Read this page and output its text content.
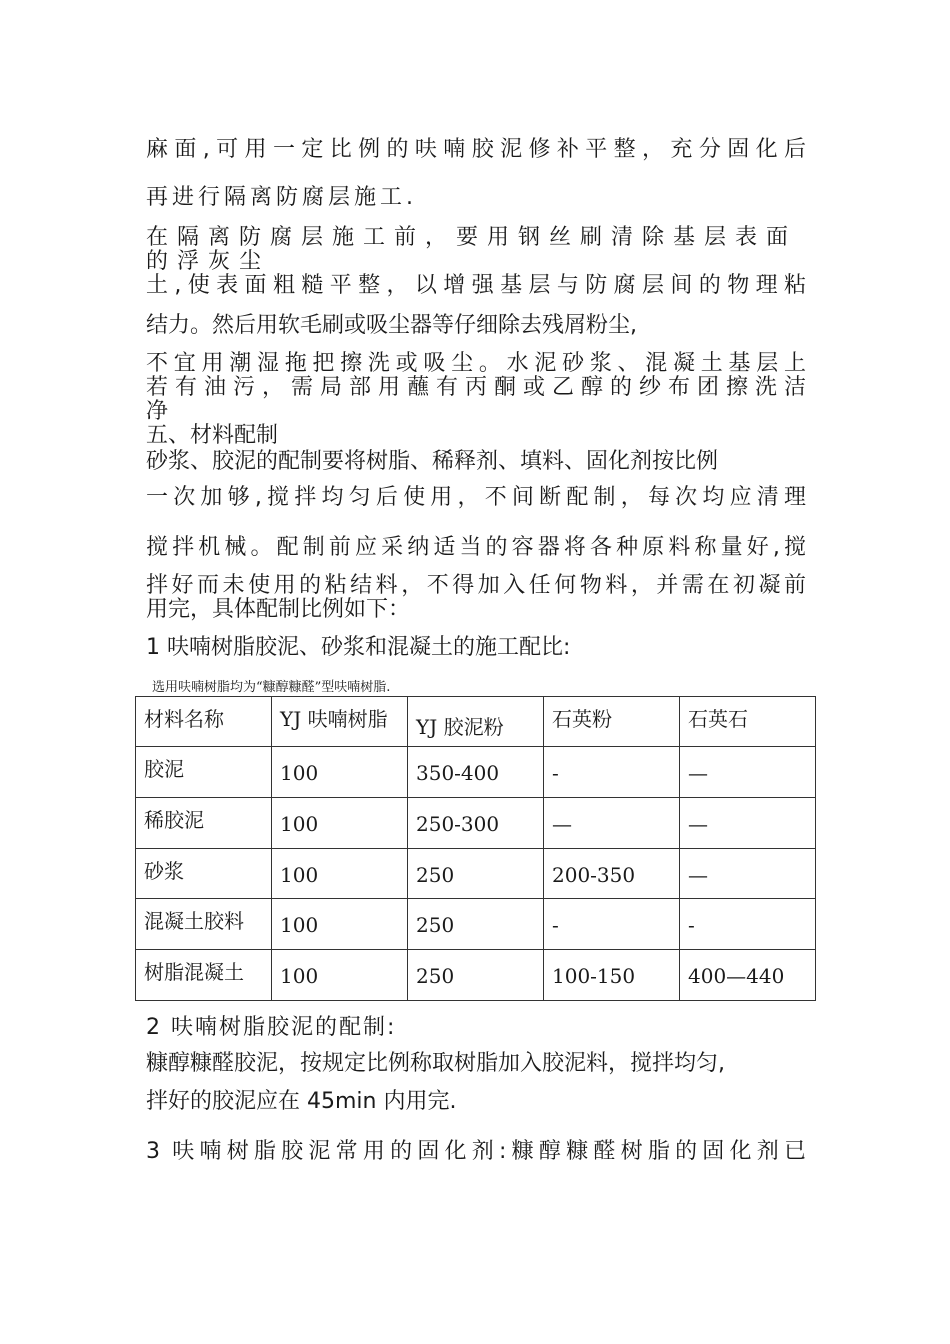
麻面,可用一定比例的呋喃胶泥修补平整，充分固化后
再进行隔离防腐层施工.
在隔离防腐层施工前，要用钢丝刷清除基层表面的浮灰尘
土,使表面粗糙平整，以增强基层与防腐层间的物理粘
结力。然后用软毛刷或吸尘器等仔细除去残屑粉尘,
不宜用潮湿拖把擦洗或吸尘。水泥砂浆、混凝土基层上
若有油污，需局部用蘸有丙酮或乙醇的纱布团擦洗洁
净
五、材料配制
砂浆、胶泥的配制要将树脂、稀释剂、填料、固化剂按比例
一次加够,搅拌均匀后使用，不间断配制，每次均应清理
搅拌机械。配制前应采纳适当的容器将各种原料称量好,搅
拌好而未使用的粘结料，不得加入任何物料，并需在初凝前
用完，具体配制比例如下：
1 呋喃树脂胶泥、砂浆和混凝土的施工配比:
选用呋喃树脂均为“糠醇糠醛”型呋喃树脂.
材料名称	YJ 呋喃树脂	YJ 胶泥粉	石英粉	石英石

胶泥	100	350-400	-	—

稀胶泥	100	250-300	—	—

砂浆	100	250	200-350	—

混凝土胶料	100	250	-	-

树脂混凝土	100	250	100-150	400—440
2 呋喃树脂胶泥的配制:
糠醇糠醛胶泥，按规定比例称取树脂加入胶泥料，搅拌均匀,
拌好的胶泥应在 45min 内用完.
3 呋喃树脂胶泥常用的固化剂:糠醇糠醛树脂的固化剂已
